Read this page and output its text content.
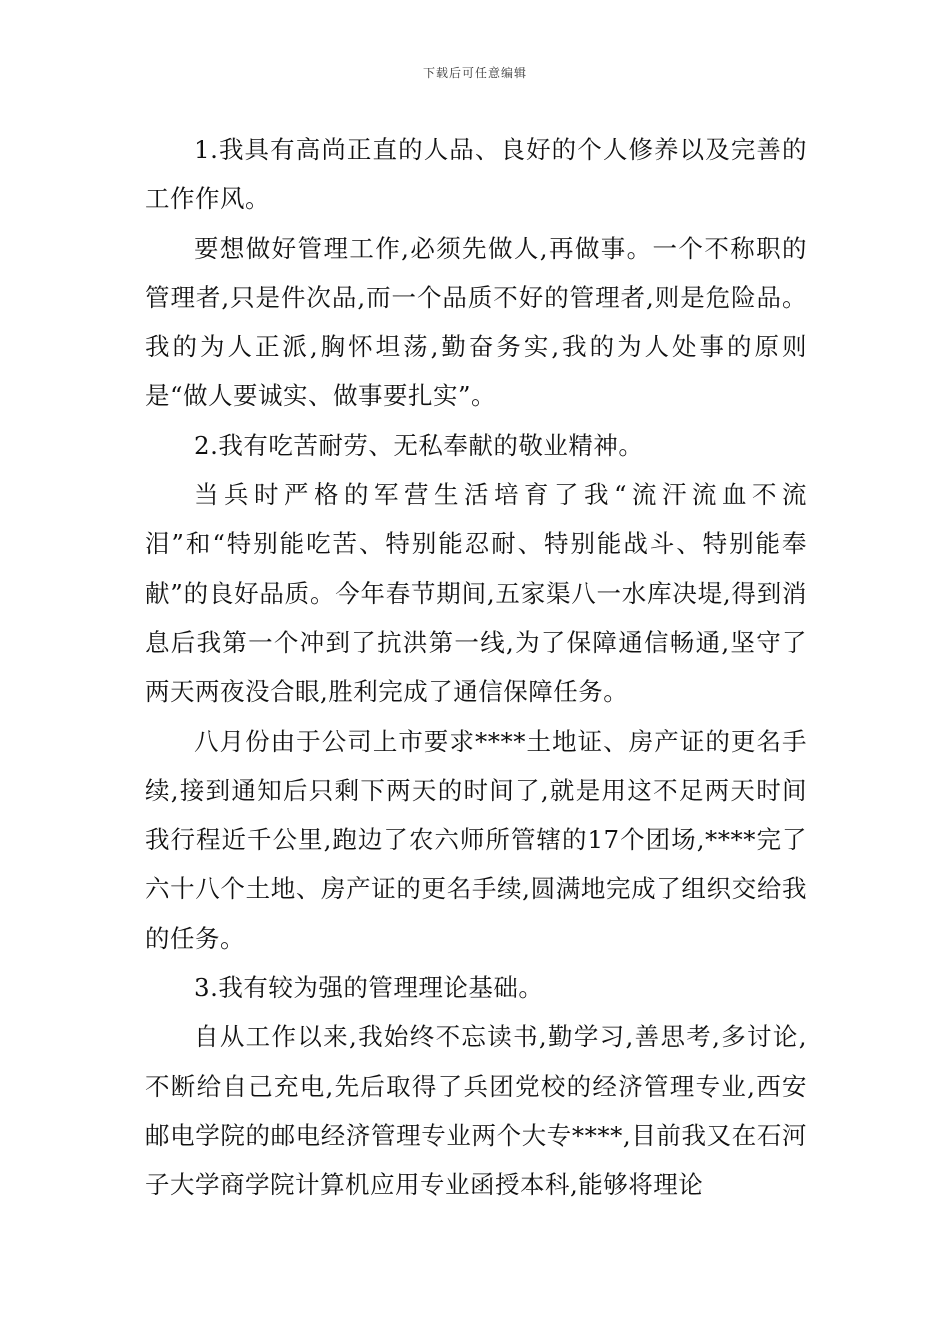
下载后可任意编辑

1.我具有高尚正直的人品、良好的个人修养以及完善的工作作风。

要想做好管理工作,必须先做人,再做事。一个不称职的管理者,只是件次品,而一个品质不好的管理者,则是危险品。我的为人正派,胸怀坦荡,勤奋务实,我的为人处事的原则是“做人要诚实、做事要扎实”。

2.我有吃苦耐劳、无私奉献的敬业精神。

当兵时严格的军营生活培育了我“流汗流血不流泪”和“特别能吃苦、特别能忍耐、特别能战斗、特别能奉献”的良好品质。今年春节期间,五家渠八一水库决堤,得到消息后我第一个冲到了抗洪第一线,为了保障通信畅通,坚守了两天两夜没合眼,胜利完成了通信保障任务。

八月份由于公司上市要求****土地证、房产证的更名手续,接到通知后只剩下两天的时间了,就是用这不足两天时间我行程近千公里,跑边了农六师所管辖的17个团场,****完了六十八个土地、房产证的更名手续,圆满地完成了组织交给我的任务。

3.我有较为强的管理理论基础。

自从工作以来,我始终不忘读书,勤学习,善思考,多讨论,不断给自己充电,先后取得了兵团党校的经济管理专业,西安邮电学院的邮电经济管理专业两个大专****,目前我又在石河子大学商学院计算机应用专业函授本科,能够将理论
